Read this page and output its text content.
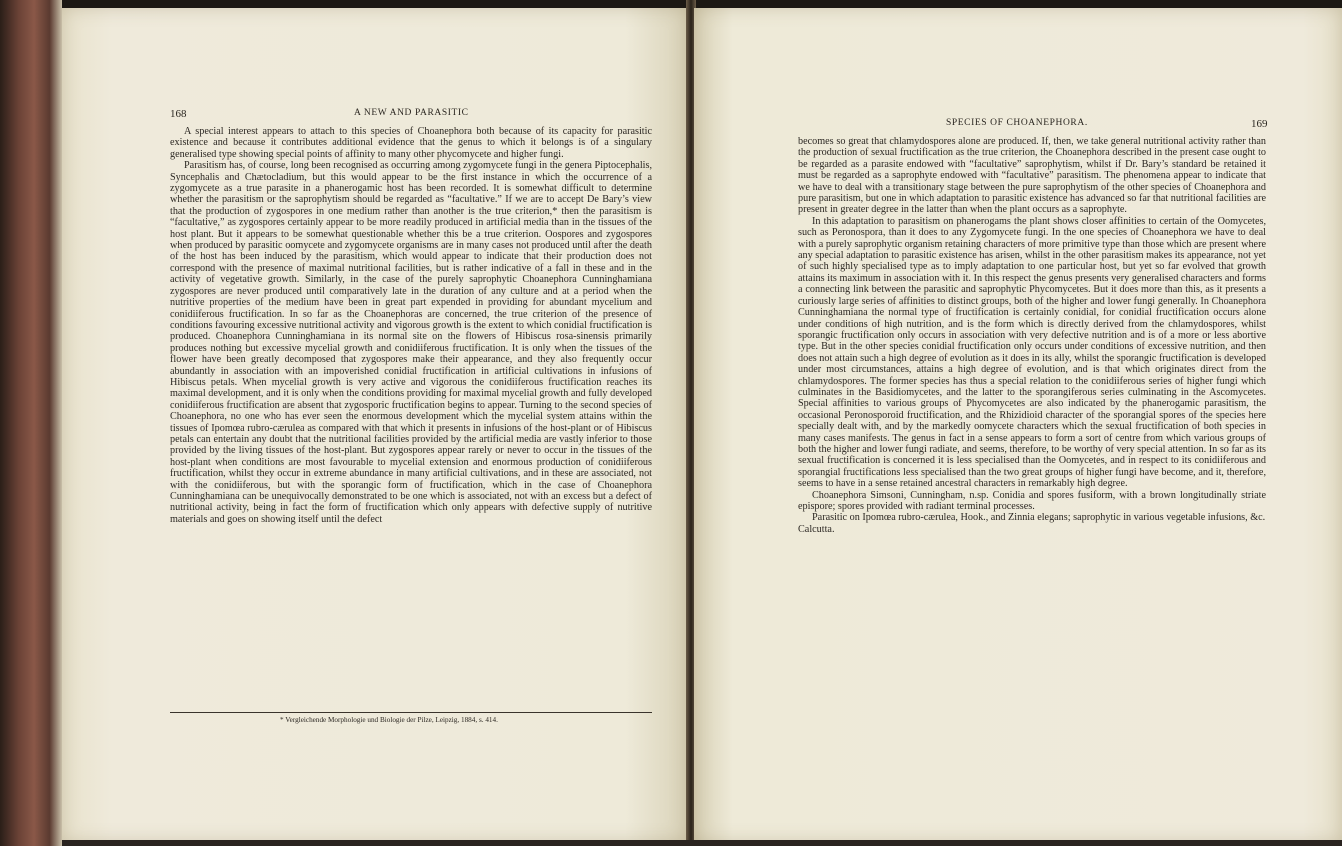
168	A NEW AND PARASITIC

A special interest appears to attach to this species of Choanephora both because of its capacity for parasitic existence and because it contributes additional evidence that the genus to which it belongs is of a singulary generalised type showing special points of affinity to many other phycomycete and higher fungi.

Parasitism has, of course, long been recognised as occurring among zygomycete fungi in the genera Piptocephalis, Syncephalis and Chætocladium, but this would appear to be the first instance in which the occurrence of a zygomycete as a true parasite in a phanerogamic host has been recorded. It is somewhat difficult to determine whether the parasitism or the saprophytism should be regarded as “facultative.” If we are to accept De Bary’s view that the production of zygospores in one medium rather than another is the true criterion,* then the parasitism is “facultative,” as zygospores certainly appear to be more readily produced in artificial media than in the tissues of the host plant. But it appears to be somewhat questionable whether this be a true criterion. Oospores and zygospores when produced by parasitic oomycete and zygomycete organisms are in many cases not produced until after the death of the host has been induced by the parasitism, which would appear to indicate that their production does not correspond with the presence of maximal nutritional facilities, but is rather indicative of a fall in these and in the activity of vegetative growth. Similarly, in the case of the purely saprophytic Choanephora Cunninghamiana zygospores are never produced until comparatively late in the duration of any culture and at a period when the nutritive properties of the medium have been in great part expended in providing for abundant mycelium and conidiiferous fructification. In so far as the Choanephoras are concerned, the true criterion of the presence of conditions favouring excessive nutritional activity and vigorous growth is the extent to which conidial fructification is produced. Choanephora Cunninghamiana in its normal site on the flowers of Hibiscus rosa-sinensis primarily produces nothing but excessive mycelial growth and conidiiferous fructification. It is only when the tissues of the flower have been greatly decomposed that zygospores make their appearance, and they also frequently occur abundantly in association with an impoverished conidial fructification in artificial cultivations in infusions of Hibiscus petals. When mycelial growth is very active and vigorous the conidiiferous fructification reaches its maximal development, and it is only when the conditions providing for maximal mycelial growth and fully developed conidiiferous fructification are absent that zygosporic fructification begins to appear. Turning to the second species of Choanephora, no one who has ever seen the enormous development which the mycelial system attains within the tissues of Ipomœa rubro-cærulea as compared with that which it presents in infusions of the host-plant or of Hibiscus petals can entertain any doubt that the nutritional facilities provided by the artificial media are vastly inferior to those provided by the living tissues of the host-plant. But zygospores appear rarely or never to occur in the tissues of the host-plant when conditions are most favourable to mycelial extension and enormous production of conidiiferous fructification, whilst they occur in extreme abundance in many artificial cultivations, and in these are associated, not with the conidiiferous, but with the sporangic form of fructification, which in the case of Choanephora Cunninghamiana can be unequivocally demonstrated to be one which is associated, not with an excess but a defect of nutritional activity, being in fact the form of fructification which only appears with defective supply of nutritive materials and goes on showing itself until the defect

* Vergleichende Morphologie und Biologie der Pilze, Leipzig, 1884, s. 414.
SPECIES OF CHOANEPHORA.	169

becomes so great that chlamydospores alone are produced. If, then, we take general nutritional activity rather than the production of sexual fructification as the true criterion, the Choanephora described in the present case ought to be regarded as a parasite endowed with “facultative” saprophytism, whilst if Dr. Bary’s standard be retained it must be regarded as a saprophyte endowed with “facultative” parasitism. The phenomena appear to indicate that we have to deal with a transitionary stage between the pure saprophytism of the other species of Choanephora and pure parasitism, but one in which adaptation to parasitic existence has advanced so far that nutritional facilities are present in greater degree in the latter than when the plant occurs as a saprophyte.

In this adaptation to parasitism on phanerogams the plant shows closer affinities to certain of the Oomycetes, such as Peronospora, than it does to any Zygomycete fungi. In the one species of Choanephora we have to deal with a purely saprophytic organism retaining characters of more primitive type than those which are present where any special adaptation to parasitic existence has arisen, whilst in the other parasitism makes its appearance, not yet of such highly specialised type as to imply adaptation to one particular host, but yet so far evolved that growth attains its maximum in association with it. In this respect the genus presents very generalised characters and forms a connecting link between the parasitic and saprophytic Phycomycetes. But it does more than this, as it presents a curiously large series of affinities to distinct groups, both of the higher and lower fungi generally. In Choanephora Cunninghamiana the normal type of fructification is certainly conidial, for conidial fructification occurs alone under conditions of high nutrition, and is the form which is directly derived from the chlamydospores, whilst sporangic fructification only occurs in association with very defective nutrition and is of a more or less abortive type. But in the other species conidial fructification only occurs under conditions of excessive nutrition, and then does not attain such a high degree of evolution as it does in its ally, whilst the sporangic fructification is developed under most circumstances, attains a high degree of evolution, and is that which originates direct from the chlamydospores. The former species has thus a special relation to the conidiiferous series of higher fungi which culminates in the Basidiomycetes, and the latter to the sporangiferous series culminating in the Ascomycetes. Special affinities to various groups of Phycomycetes are also indicated by the phanerogamic parasitism, the occasional Peronosporoid fructification, and the Rhizidioid character of the sporangial spores of the species here specially dealt with, and by the markedly oomycete characters which the sexual fructification of both species in many cases manifests. The genus in fact in a sense appears to form a sort of centre from which various groups of both the higher and lower fungi radiate, and seems, therefore, to be worthy of very special attention. In so far as its sexual fructification is concerned it is less specialised than the Oomycetes, and in respect to its conidiiferous and sporangial fructifications less specialised than the two great groups of higher fungi have become, and it, therefore, seems to have in a sense retained ancestral characters in remarkably high degree.

Choanephora Simsoni, Cunningham, n.sp. Conidia and spores fusiform, with a brown longitudinally striate epispore; spores provided with radiant terminal processes.

Parasitic on Ipomœa rubro-cærulea, Hook., and Zinnia elegans; saprophytic in various vegetable infusions, &c.

Calcutta.
